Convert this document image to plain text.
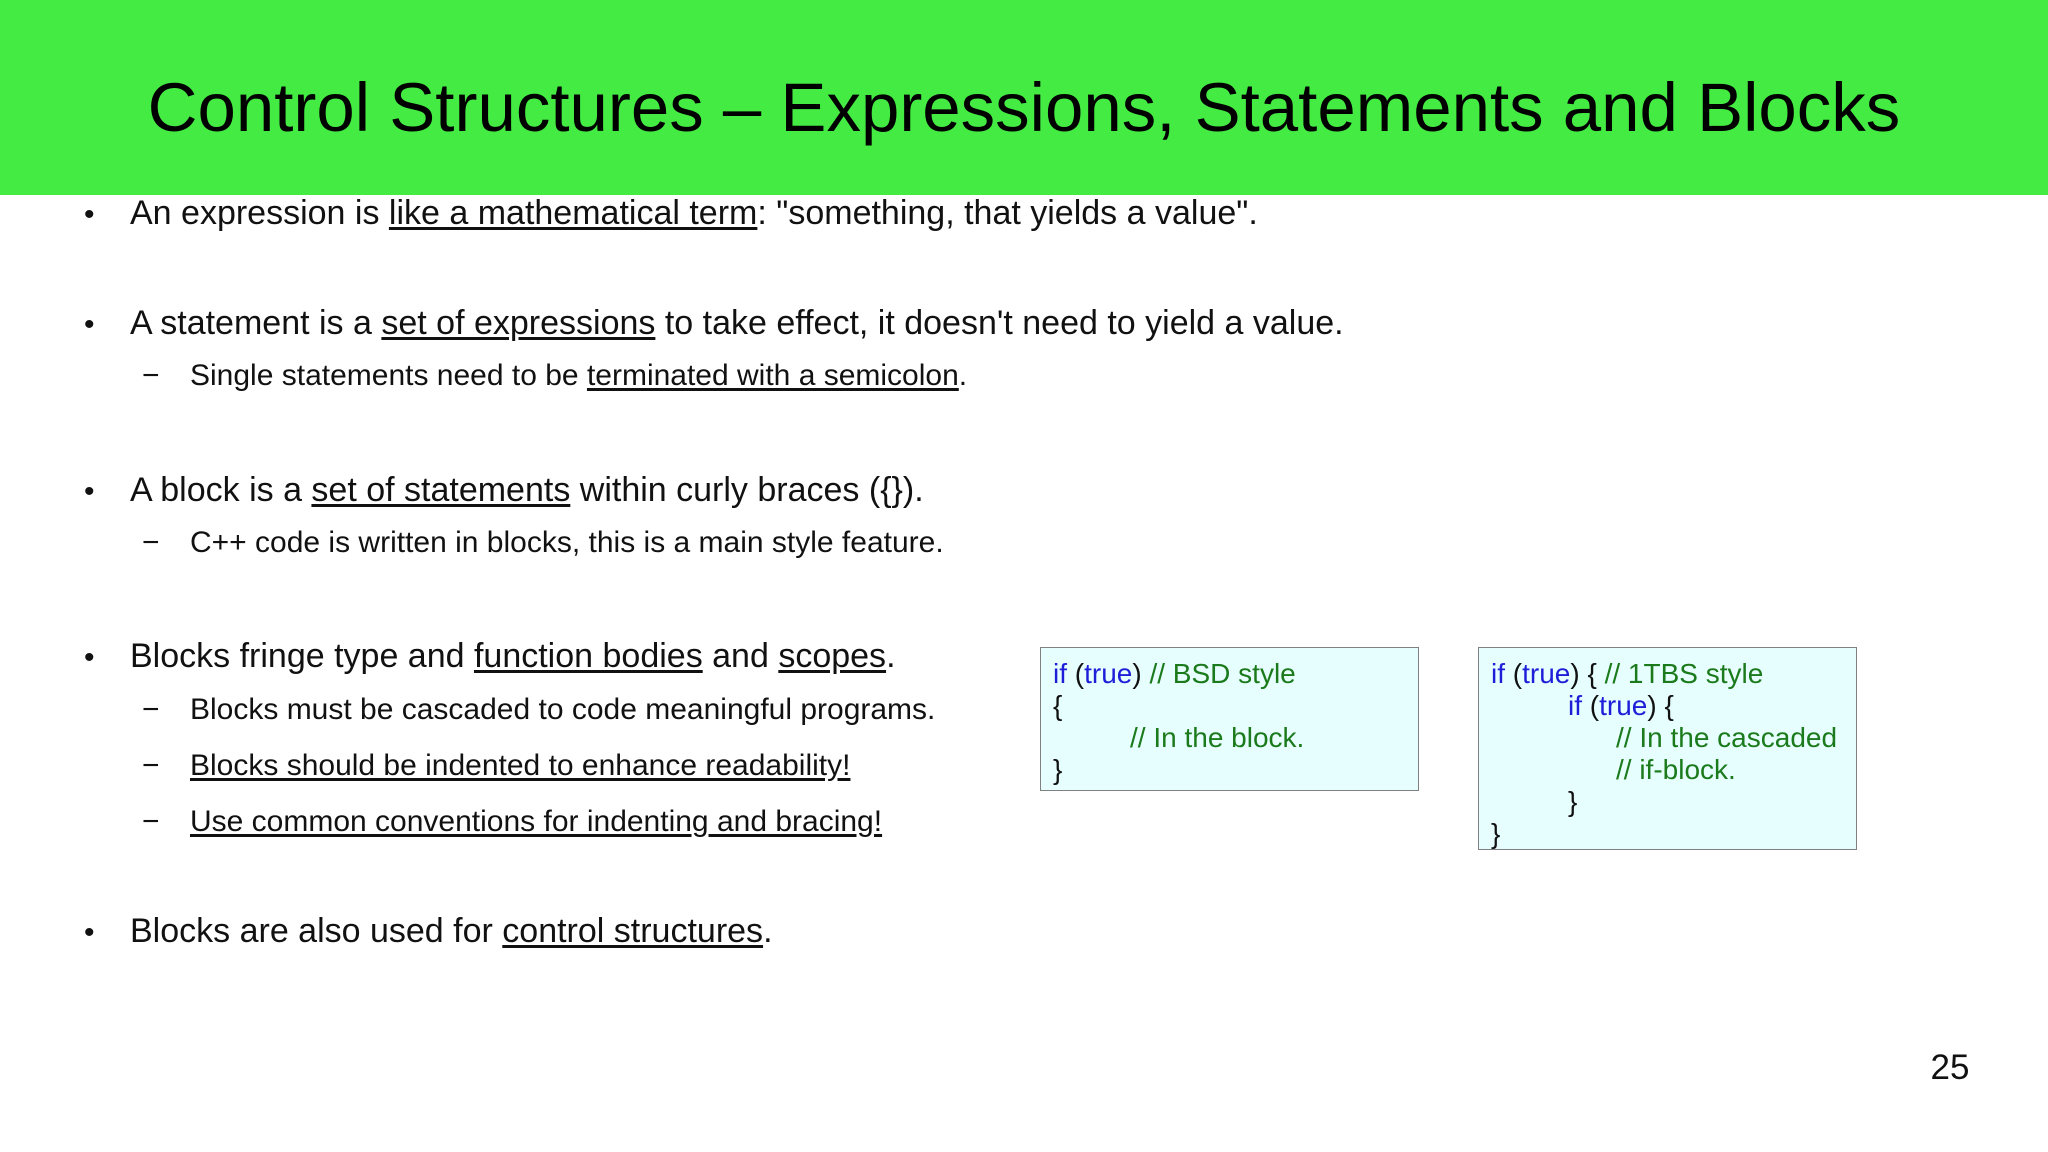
Control Structures – Expressions, Statements and Blocks
• An expression is like a mathematical term: "something, that yields a value".
• A statement is a set of expressions to take effect, it doesn't need to yield a value.
− Single statements need to be terminated with a semicolon.
• A block is a set of statements within curly braces ({}).
− C++ code is written in blocks, this is a main style feature.
• Blocks fringe type and function bodies and scopes.
− Blocks must be cascaded to code meaningful programs.
− Blocks should be indented to enhance readability!
− Use common conventions for indenting and bracing!
• Blocks are also used for control structures.
if (true) // BSD style
{
// In the block.
}
if (true) { // 1TBS style
if (true) {
// In the cascaded
// if-block.
}
}
25
